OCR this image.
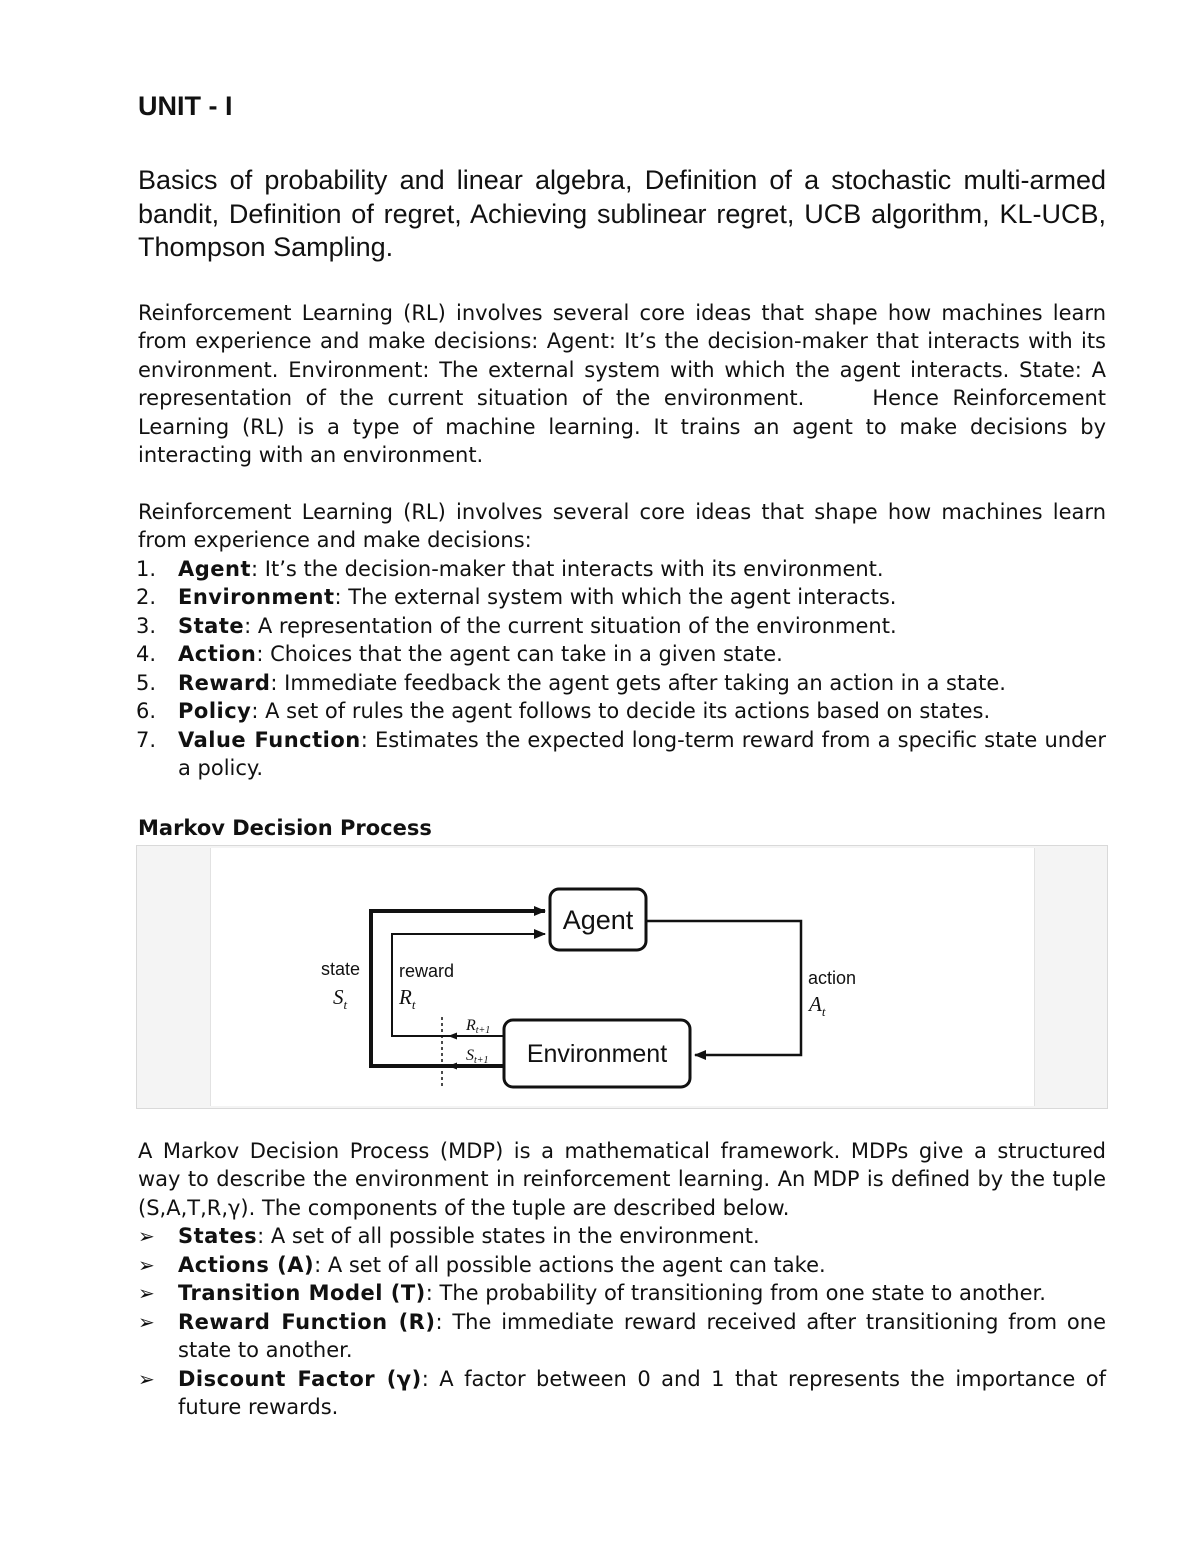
UNIT - I

Basics of probability and linear algebra, Definition of a stochastic multi-armed bandit, Definition of regret, Achieving sublinear regret, UCB algorithm, KL-UCB, Thompson Sampling.

Reinforcement Learning (RL) involves several core ideas that shape how machines learn from experience and make decisions: Agent: It’s the decision-maker that interacts with its environment. Environment: The external system with which the agent interacts. State: A representation of the current situation of the environment.     Hence Reinforcement Learning (RL) is a type of machine learning. It trains an agent to make decisions by interacting with an environment.

Reinforcement Learning (RL) involves several core ideas that shape how machines learn from experience and make decisions:

1. Agent: It’s the decision-maker that interacts with its environment.
2. Environment: The external system with which the agent interacts.
3. State: A representation of the current situation of the environment.
4. Action: Choices that the agent can take in a given state.
5. Reward: Immediate feedback the agent gets after taking an action in a state.
6. Policy: A set of rules the agent follows to decide its actions based on states.
7. Value Function: Estimates the expected long-term reward from a specific state under a policy.
Markov Decision Process
Agent
Environment
state
$S_t$
reward
$R_t$
action
$A_t$
Rt+1
St+1

A Markov Decision Process (MDP) is a mathematical framework. MDPs give a structured way to describe the environment in reinforcement learning. An MDP is defined by the tuple (S,A,T,R,γ). The components of the tuple are described below.

➢ States: A set of all possible states in the environment.
➢ Actions (A): A set of all possible actions the agent can take.
➢ Transition Model (T): The probability of transitioning from one state to another.
➢ Reward Function (R): The immediate reward received after transitioning from one state to another.
➢ Discount Factor (γ): A factor between 0 and 1 that represents the importance of future rewards.
